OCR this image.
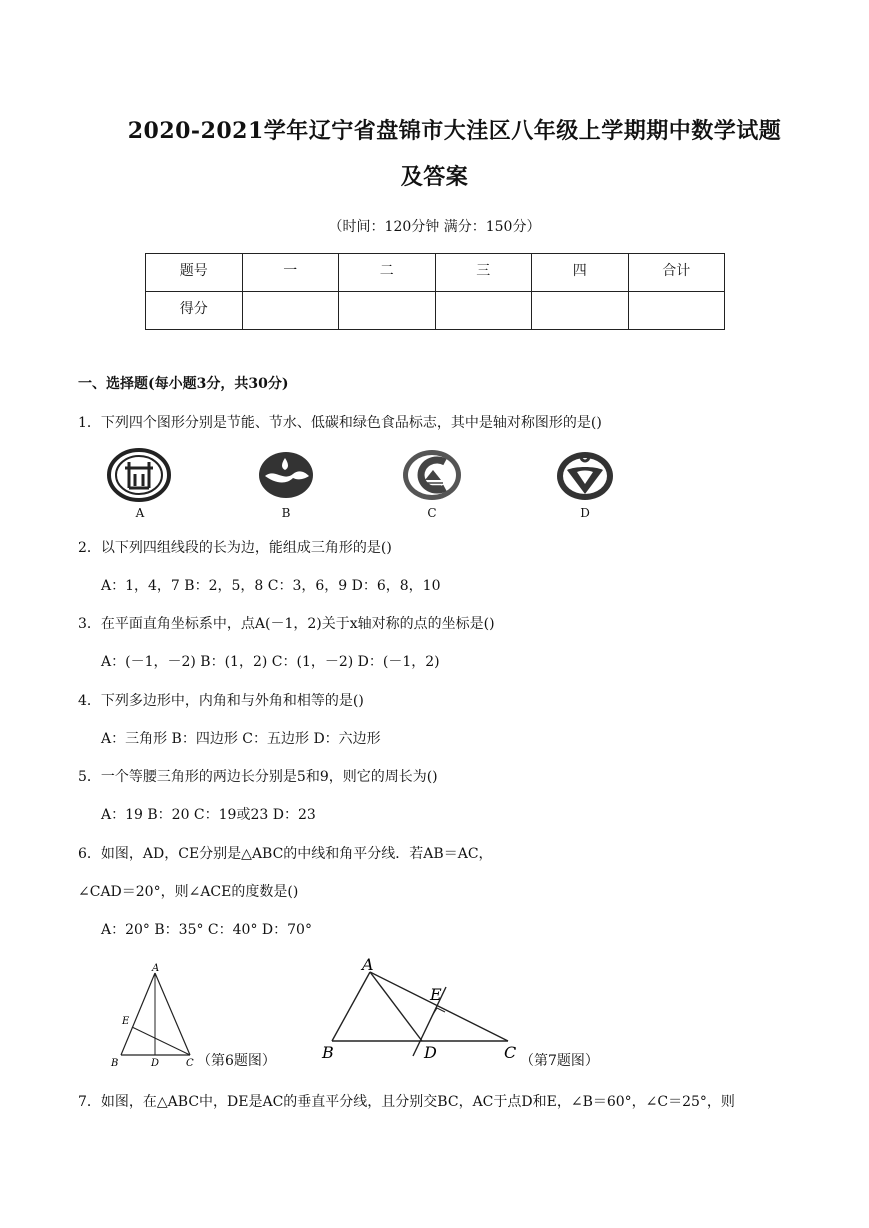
2020-2021学年辽宁省盘锦市大洼区八年级上学期期中数学试题
及答案
（时间：120分钟 满分：150分）
题号	一	二	三	四	合计
得分					
一、选择题(每小题3分，共30分)
1．下列四个图形分别是节能、节水、低碳和绿色食品标志，其中是轴对称图形的是()
A	B	C	D
2．以下列四组线段的长为边，能组成三角形的是()
A：1，4，7 B：2，5，8 C：3，6，9 D：6，8，10
3．在平面直角坐标系中，点A(－1，2)关于x轴对称的点的坐标是()
A：(－1，－2) B：(1，2) C：(1，－2) D：(－1，2)
4．下列多边形中，内角和与外角和相等的是()
A：三角形 B：四边形 C：五边形 D：六边形
5．一个等腰三角形的两边长分别是5和9，则它的周长为()
A：19 B：20 C：19或23 D：23
6．如图，AD，CE分别是△ABC的中线和角平分线．若AB＝AC，
∠CAD＝20°，则∠ACE的度数是()
A：20° B：35° C：40° D：70°
A
E
B	D	C （第6题图）
A
E
B	D	C （第7题图）
7．如图，在△ABC中，DE是AC的垂直平分线，且分别交BC，AC于点D和E，∠B＝60°，∠C＝25°，则
